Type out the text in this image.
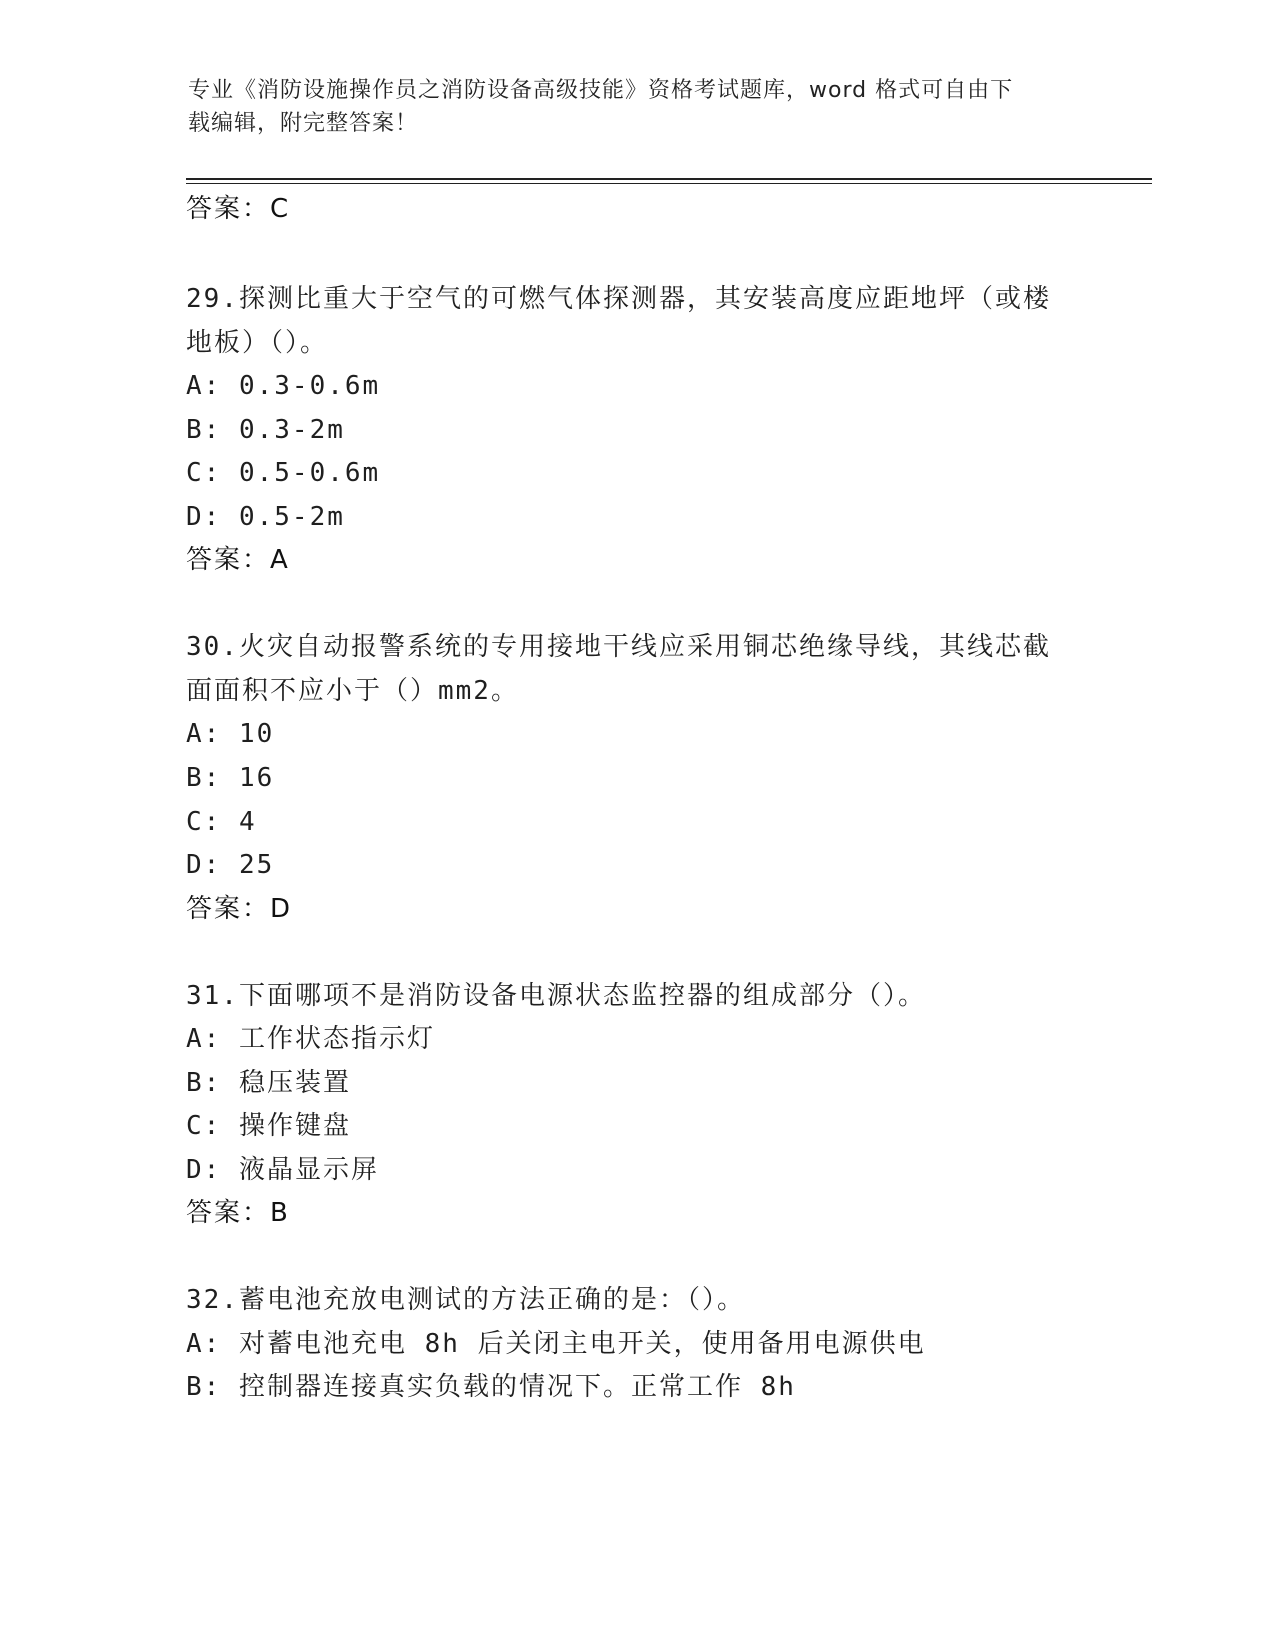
专业《消防设施操作员之消防设备高级技能》资格考试题库，word 格式可自由下
载编辑，附完整答案！
答案：C
29.探测比重大于空气的可燃气体探测器，其安装高度应距地坪（或楼
地板）（）。
A: 0.3-0.6m
B: 0.3-2m
C: 0.5-0.6m
D: 0.5-2m
答案：A
30.火灾自动报警系统的专用接地干线应采用铜芯绝缘导线，其线芯截
面面积不应小于（）mm2。
A: 10
B: 16
C: 4
D: 25
答案：D
31.下面哪项不是消防设备电源状态监控器的组成部分（）。
A: 工作状态指示灯
B: 稳压装置
C: 操作键盘
D: 液晶显示屏
答案：B
32.蓄电池充放电测试的方法正确的是：（）。
A: 对蓄电池充电 8h 后关闭主电开关，使用备用电源供电
B: 控制器连接真实负载的情况下。正常工作 8h
